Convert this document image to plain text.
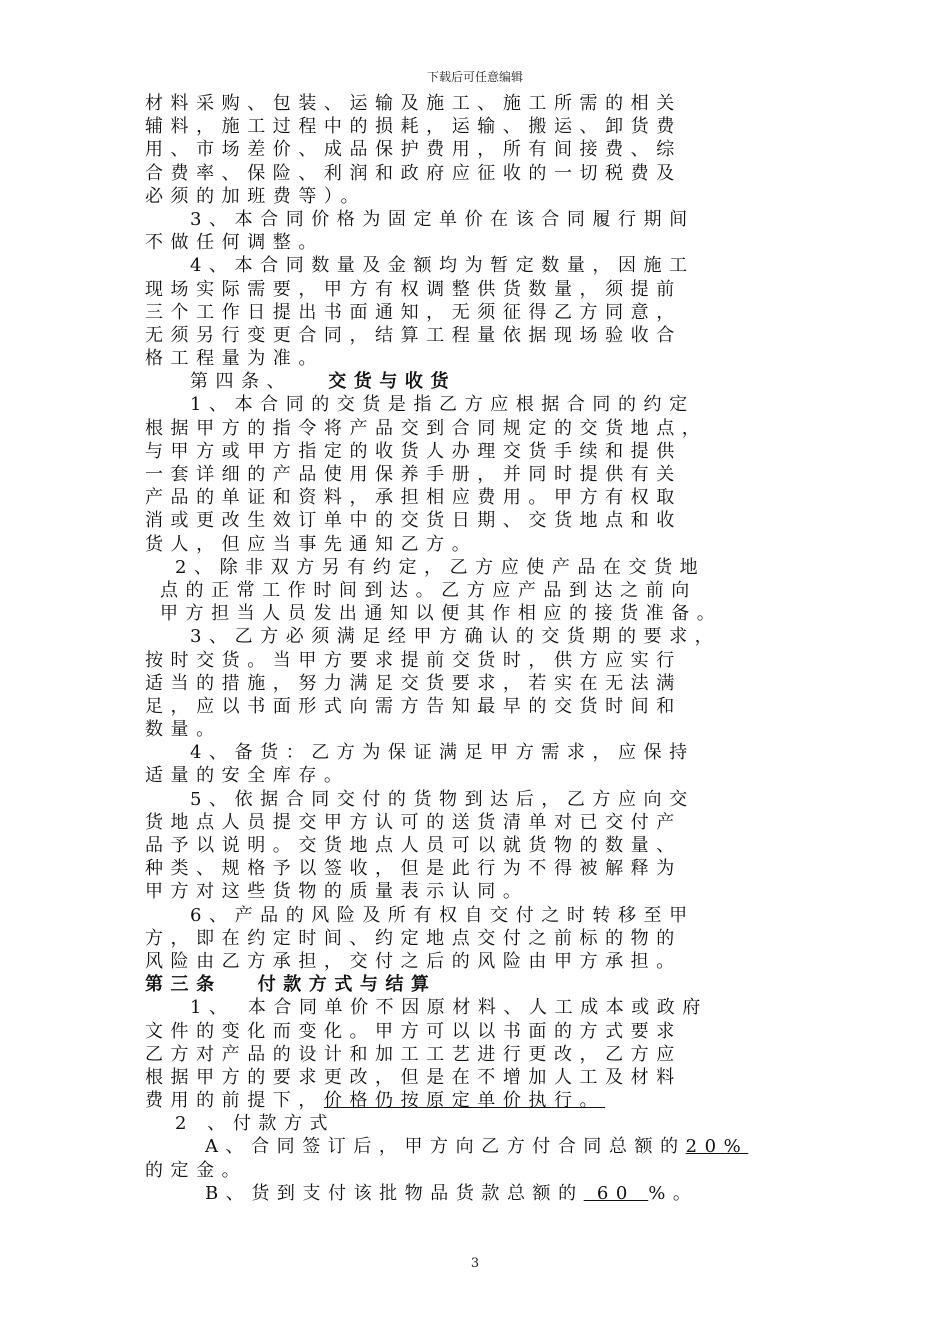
下载后可任意编辑
材料采购、包装、运输及施工、施工所需的相关
辅料，施工过程中的损耗，运输、搬运、卸货费
用、市场差价、成品保护费用，所有间接费、综
合费率、保险、利润和政府应征收的一切税费及
必须的加班费等）。
3、本合同价格为固定单价在该合同履行期间
不做任何调整。
4、本合同数量及金额均为暂定数量，因施工
现场实际需要，甲方有权调整供货数量，须提前
三个工作日提出书面通知，无须征得乙方同意，
无须另行变更合同，结算工程量依据现场验收合
格工程量为准。
第四条、 交货与收货
1、本合同的交货是指乙方应根据合同的约定
根据甲方的指令将产品交到合同规定的交货地点，
与甲方或甲方指定的收货人办理交货手续和提供
一套详细的产品使用保养手册，并同时提供有关
产品的单证和资料，承担相应费用。甲方有权取
消或更改生效订单中的交货日期、交货地点和收
货人，但应当事先通知乙方。
2、除非双方另有约定，乙方应使产品在交货地
点的正常工作时间到达。乙方应产品到达之前向
甲方担当人员发出通知以便其作相应的接货准备。
3、乙方必须满足经甲方确认的交货期的要求，
按时交货。当甲方要求提前交货时，供方应实行
适当的措施，努力满足交货要求，若实在无法满
足，应以书面形式向需方告知最早的交货时间和
数量。
4、备货：乙方为保证满足甲方需求，应保持
适量的安全库存。
5、依据合同交付的货物到达后，乙方应向交
货地点人员提交甲方认可的送货清单对已交付产
品予以说明。交货地点人员可以就货物的数量、
种类、规格予以签收，但是此行为不得被解释为
甲方对这些货物的质量表示认同。
6、产品的风险及所有权自交付之时转移至甲
方，即在约定时间、约定地点交付之前标的物的
风险由乙方承担，交付之后的风险由甲方承担。
第三条 付款方式与结算
1、 本合同单价不因原材料、人工成本或政府
文件的变化而变化。甲方可以以书面的方式要求
乙方对产品的设计和加工工艺进行更改，乙方应
根据甲方的要求更改，但是在不增加人工及材料
费用的前提下，价格仍按原定单价执行。
2 、付款方式
A、合同签订后，甲方向乙方付合同总额的20%
的定金。
B、货到支付该批物品货款总额的 60 %。
3
